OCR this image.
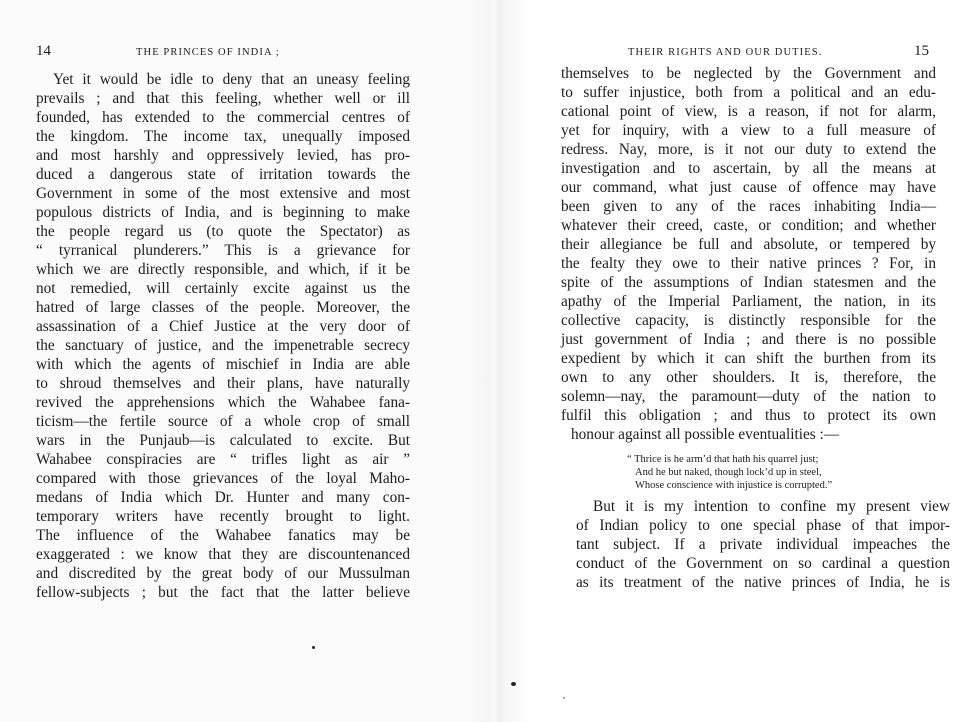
14	THE PRINCES OF INDIA ;	THEIR RIGHTS AND OUR DUTIES.	15
Yet it would be idle to deny that an uneasy feeling
prevails ; and that this feeling, whether well or ill
founded, has extended to the commercial centres of
the kingdom. The income tax, unequally imposed
and most harshly and oppressively levied, has pro-
duced a dangerous state of irritation towards the
Government in some of the most extensive and most
populous districts of India, and is beginning to make
the people regard us (to quote the Spectator) as
“ tyrranical plunderers.” This is a grievance for
which we are directly responsible, and which, if it be
not remedied, will certainly excite against us the
hatred of large classes of the people. Moreover, the
assassination of a Chief Justice at the very door of
the sanctuary of justice, and the impenetrable secrecy
with which the agents of mischief in India are able
to shroud themselves and their plans, have naturally
revived the apprehensions which the Wahabee fana-
ticism—the fertile source of a whole crop of small
wars in the Punjaub—is calculated to excite. But
Wahabee conspiracies are “ trifles light as air ”
compared with those grievances of the loyal Maho-
medans of India which Dr. Hunter and many con-
temporary writers have recently brought to light.
The influence of the Wahabee fanatics may be
exaggerated : we know that they are discountenanced
and discredited by the great body of our Mussulman
fellow-subjects ; but the fact that the latter believe
themselves to be neglected by the Government and
to suffer injustice, both from a political and an edu-
cational point of view, is a reason, if not for alarm,
yet for inquiry, with a view to a full measure of
redress. Nay, more, is it not our duty to extend the
investigation and to ascertain, by all the means at
our command, what just cause of offence may have
been given to any of the races inhabiting India—
whatever their creed, caste, or condition; and whether
their allegiance be full and absolute, or tempered by
the fealty they owe to their native princes ? For, in
spite of the assumptions of Indian statesmen and the
apathy of the Imperial Parliament, the nation, in its
collective capacity, is distinctly responsible for the
just government of India ; and there is no possible
expedient by which it can shift the burthen from its
own to any other shoulders. It is, therefore, the
solemn—nay, the paramount—duty of the nation to
fulfil this obligation ; and thus to protect its own
honour against all possible eventualities :—
“ Thrice is he arm’d that hath his quarrel just;
And he but naked, though lock’d up in steel,
Whose conscience with injustice is corrupted.”
But it is my intention to confine my present view
of Indian policy to one special phase of that impor-
tant subject. If a private individual impeaches the
conduct of the Government on so cardinal a question
as its treatment of the native princes of India, he is
